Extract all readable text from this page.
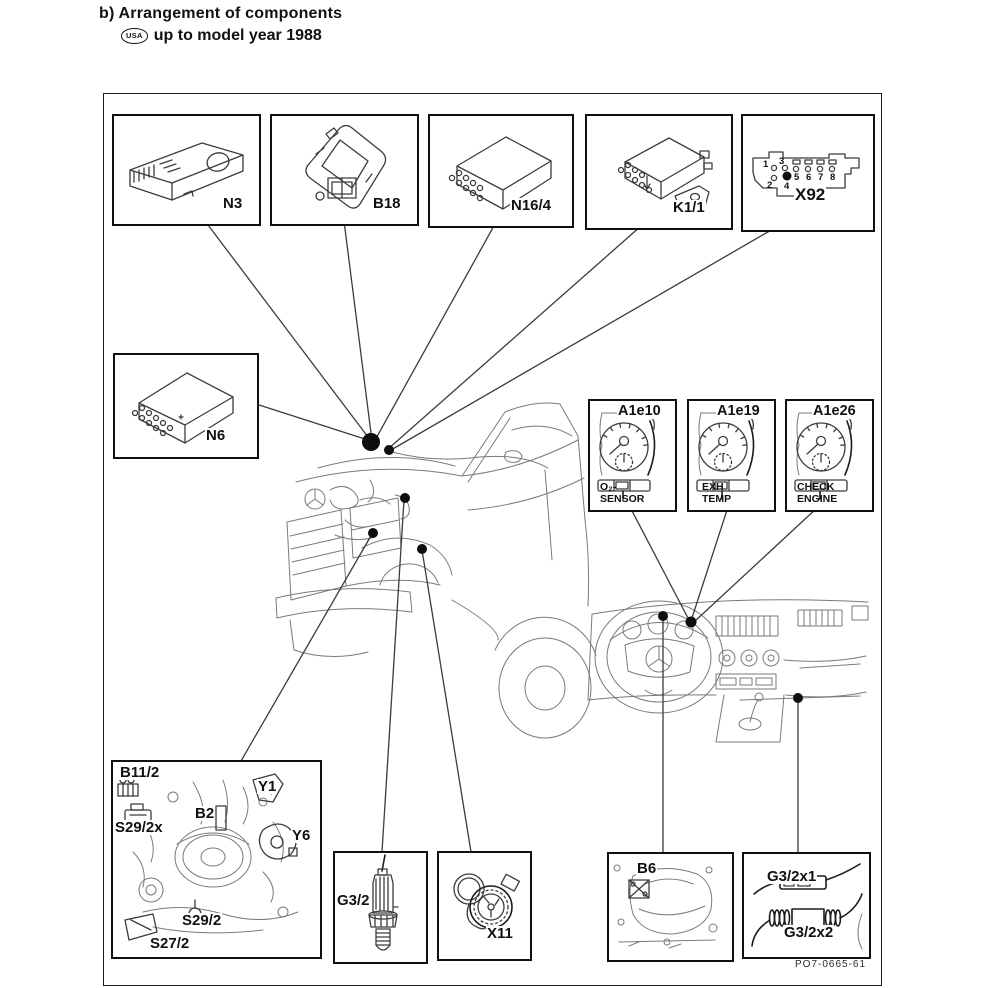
b) Arrangement of components
USA up to model year 1988
1 3
2 4
5 6 7 8
N3	B18	N16/4	K1/1
X92
N6
A1e10	A1e19	A1e26
O₂-
SENSOR
EXH
TEMP
CHECK
ENGINE
B11/2
Y1
B2
S29/2x	Y6
S29/2
S27/2
G3/2
X11
B6	G3/2x1
G3/2x2
PO7-0665-61
